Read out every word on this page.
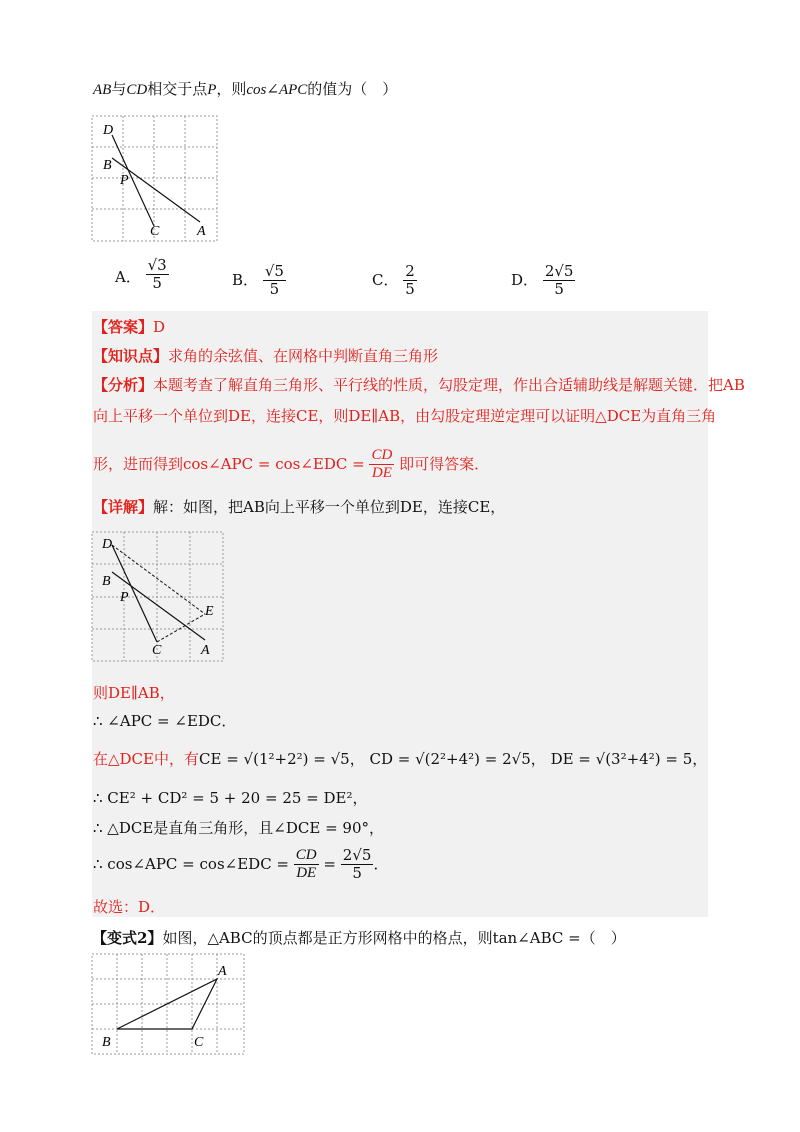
AB与CD相交于点P，则cos∠APC的值为（　）
D
B
P
C	A
A． $\frac{√3}{5}$	B． $\frac{√5}{5}$	C． $\frac{2}{5}$	D． $\frac{2√5}{5}$
【答案】D
【知识点】求角的余弦值、在网格中判断直角三角形
【分析】本题考查了解直角三角形、平行线的性质，勾股定理，作出合适辅助线是解题关键．把AB
向上平移一个单位到DE，连接CE，则DE∥AB，由勾股定理逆定理可以证明△DCE为直角三角
形，进而得到cos∠APC = cos∠EDC = $\frac{CD}{DE}$ 即可得答案．
【详解】解：如图，把AB向上平移一个单位到DE，连接CE，
D
B
P
E
C	A
则DE∥AB，
∴ ∠APC = ∠EDC．
在△DCE中，有CE = √(1²+2²) = √5， CD = √(2²+4²) = 2√5， DE = √(3²+4²) = 5，
∴ CE² + CD² = 5 + 20 = 25 = DE²，
∴ △DCE是直角三角形，且∠DCE = 90°，
∴ cos∠APC = cos∠EDC = $\frac{CD}{DE} = \frac{2√5}{5}$ ．
故选：D．
【变式2】如图，△ABC的顶点都是正方形网格中的格点，则tan∠ABC =（　）
A
B	C
